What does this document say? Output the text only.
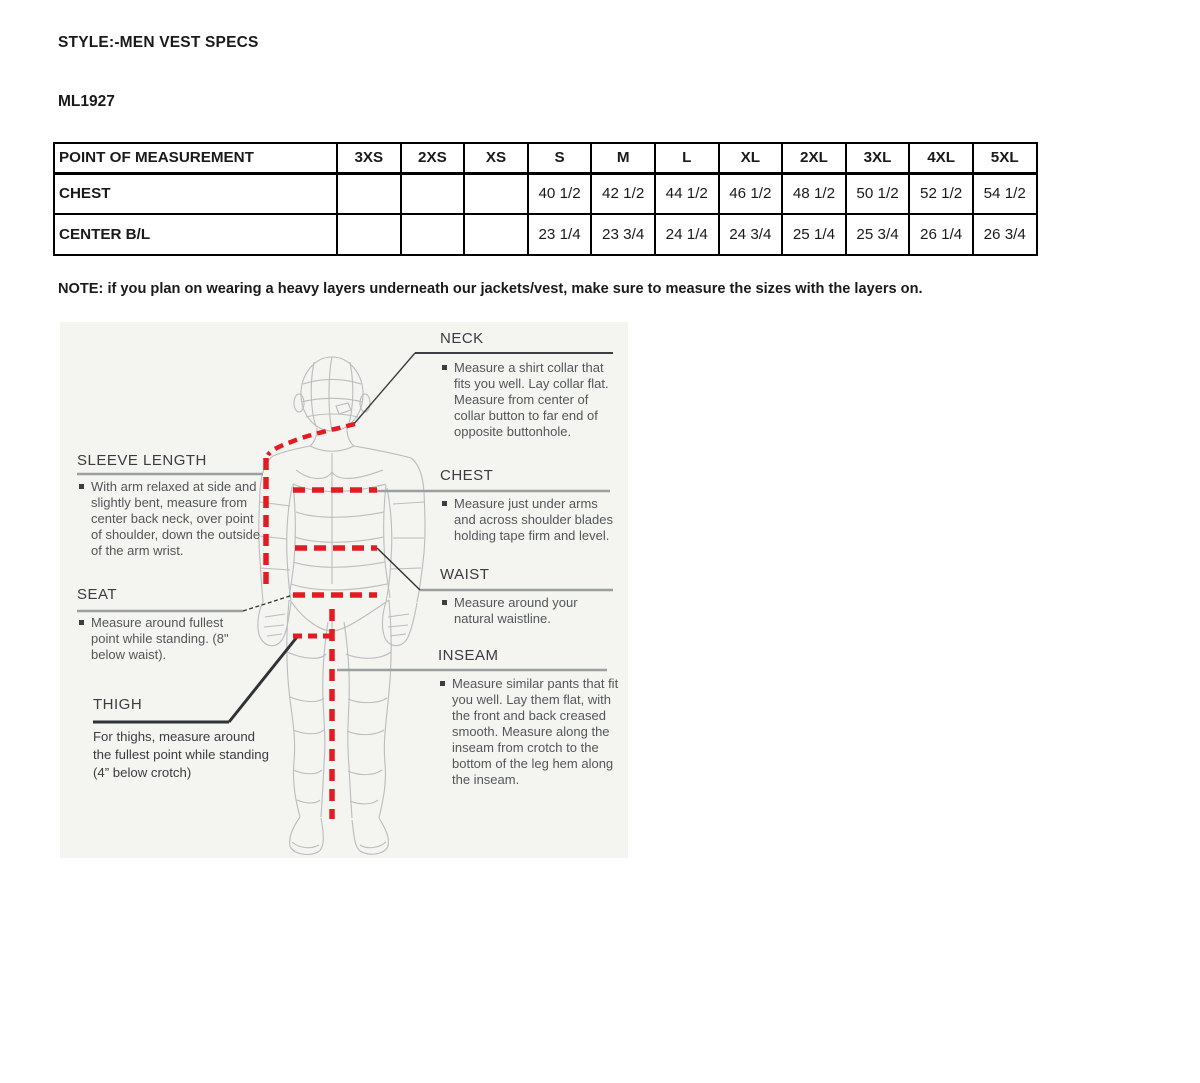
STYLE:-MEN VEST SPECS
ML1927
POINT OF MEASUREMENT	3XS	2XS	XS	S	M	L	XL	2XL	3XL	4XL	5XL
CHEST				40 1/2	42 1/2	44 1/2	46 1/2	48 1/2	50 1/2	52 1/2	54 1/2
CENTER B/L				23 1/4	23 3/4	24 1/4	24 3/4	25 1/4	25 3/4	26 1/4	26 3/4
NOTE: if you plan on wearing a heavy layers underneath our jackets/vest, make sure to measure the sizes with the layers on.
NECK
Measure a shirt collar that fits you well. Lay collar flat. Measure from center of collar button to far end of opposite buttonhole.
CHEST
Measure just under arms and across shoulder blades holding tape firm and level.
WAIST
Measure around your natural waistline.
INSEAM
Measure similar pants that fit you well. Lay them flat, with the front and back creased smooth. Measure along the inseam from crotch to the bottom of the leg hem along the inseam.
SLEEVE LENGTH
With arm relaxed at side and slightly bent, measure from center back neck, over point of shoulder, down the outside of the arm wrist.
SEAT
Measure around fullest point while standing. (8" below waist).
THIGH
For thighs, measure around the fullest point while standing (4” below crotch)
